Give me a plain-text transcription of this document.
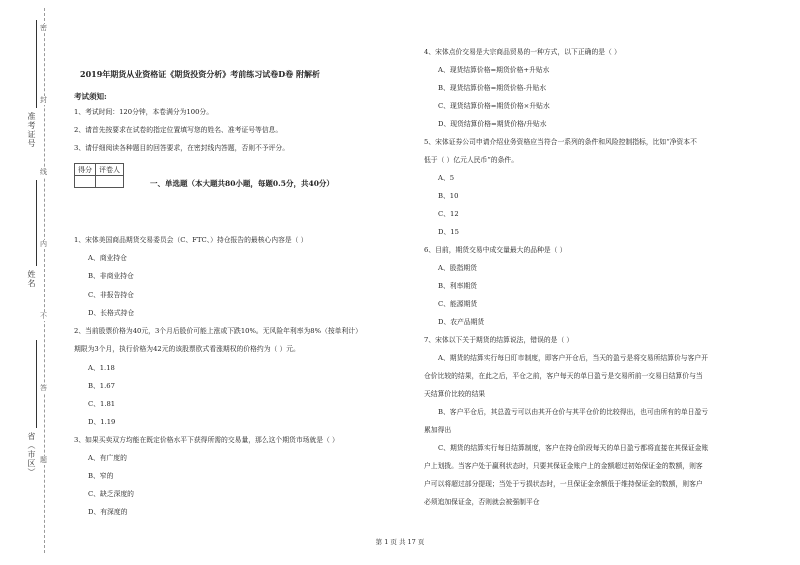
准考证号
姓名
省（市区）
密
封
线
内
不
答
题
2019年期货从业资格证《期货投资分析》考前练习试卷D卷 附解析
考试须知:
1、考试时间：120分钟，本卷满分为100分。
2、请首先按要求在试卷的指定位置填写您的姓名、准考证号等信息。
3、请仔细阅读各种题目的回答要求，在密封线内答题，否则不予评分。
得分	评卷人

一、单选题（本大题共80小题，每题0.5分，共40分）
1、宋体美国商品期货交易委员会（C、FTC、）持仓报告的最核心内容是（ ）
A、商业持仓
B、非商业持仓
C、非报告持仓
D、长格式持仓
2、当前股票价格为40元，3个月后股价可能上涨或下跌10%。无风险年利率为8%（按单利计）
期限为3个月，执行价格为42元的该股票欧式看涨期权的价格约为（ ）元。
A、1.18
B、1.67
C、1.81
D、1.19
3、如果买卖双方均能在既定价格水平下获得所需的交易量，那么这个期货市场就是（ ）
A、有广度的
B、窄的
C、缺乏深度的
D、有深度的
4、宋体点价交易是大宗商品贸易的一种方式，以下正确的是（ ）
A、现货结算价格=期货价格+升贴水
B、现货结算价格=期货价格-升贴水
C、现货结算价格=期货价格×升贴水
D、现货结算价格=期货价格/升贴水
5、宋体证券公司申请介绍业务资格应当符合一系列的条件和风险控制指标，比如“净资本不
低于（ ）亿元人民币”的条件。
A、5
B、10
C、12
D、15
6、目前，期货交易中成交量最大的品种是（ ）
A、股指期货
B、利率期货
C、能源期货
D、农产品期货
7、宋体以下关于期货的结算说法，错误的是（ ）
A、期货的结算实行每日盯市制度，即客户开仓后，当天的盈亏是将交易所结算价与客户开
仓价比较的结果，在此之后，平仓之前，客户每天的单日盈亏是交易所前一交易日结算价与当
天结算价比较的结果
B、客户平仓后，其总盈亏可以由其开仓价与其平仓价的比较得出，也可由所有的单日盈亏
累加得出
C、期货的结算实行每日结算制度，客户在持仓阶段每天的单日盈亏都将直接在其保证金账
户上划拨。当客户处于赢利状态时，只要其保证金账户上的金额超过初始保证金的数额，则客
户可以将超过部分提现；当处于亏损状态时，一旦保证金余额低于维持保证金的数额，则客户
必须追加保证金，否则就会被强制平仓
第 1 页 共 17 页
